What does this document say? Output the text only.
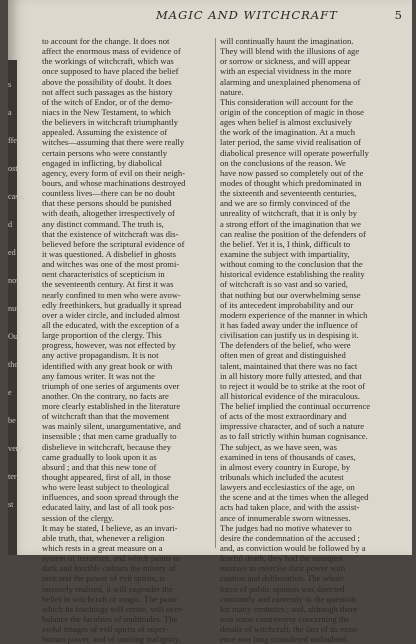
s
a
ffer
ost
case,
d
ed
not
nut
Out
the
e
be
very
ter
st
MAGIC AND WITCHCRAFT	5
to account for the change. It does not
affect the enormous mass of evidence of
the workings of witchcraft, which was
once supposed to have placed the belief
above the possibility of doubt. It does
not affect such passages as the history
of the witch of Endor, or of the demo-
niacs in the New Testament, to which
the believers in witchcraft triumphantly
appealed. Assuming the existence of
witches—assuming that there were really
certain persons who were constantly
engaged in inflicting, by diabolical
agency, every form of evil on their neigh-
bours, and whose machinations destroyed
countless lives—there can be no doubt
that these persons should be punished
with death, altogether irrespectively of
any distinct command. The truth is,
that the existence of witchcraft was dis-
believed before the scriptural evidence of
it was questioned. A disbelief in ghosts
and witches was one of the most promi-
nent characteristics of scepticism in
the seventeenth century. At first it was
nearly confined to men who were avow-
edly freethinkers, but gradually it spread
over a wider circle, and included almost
all the educated, with the exception of a
large proportion of the clergy. This
progress, however, was not effected by
any active propagandism. It is not
identified with any great book or with
any famous writer. It was not the
triumph of one series of arguments over
another. On the contrary, no facts are
more clearly established in the literature
of witchcraft than that the movement
was mainly silent, unargumentative, and
insensible ; that men came gradually to
disbelieve in witchcraft, because they
came gradually to look upon it as
absurd ; and that this new tone of
thought appeared, first of all, in those
who were least subject to theological
influences, and soon spread through the
educated laity, and last of all took pos-
session of the clergy.
It may be stated, I believe, as an invari-
able truth, that, whenever a religion
which rests in a great measure on a
system of terrorism, and which paints in
dark and forcible colours the misery of
men and the power of evil spirits, is
intensely realised, it will engender the
belief in witchcraft or magic. The panic
which its teachings will create, will over-
balance the faculties of multitudes. The
awful images of evil spirits of super-
human power, and of untiring malignity,
will continually haunt the imagination.
They will blend with the illusions of age
or sorrow or sickness, and will appear
with an especial vividness in the more
alarming and unexplained phenomena of
nature.
This consideration will account for the
origin of the conception of magic in those
ages when belief is almost exclusively
the work of the imagination. At a much
later period, the same vivid realisation of
diabolical presence will operate powerfully
on the conclusions of the reason. We
have now passed so completely out of the
modes of thought which predominated in
the sixteenth and seventeenth centuries,
and we are so firmly convinced of the
unreality of witchcraft, that it is only by
a strong effort of the imagination that we
can realise the position of the defenders of
the belief. Yet it is, I think, difficult to
examine the subject with impartiality,
without coming to the conclusion that the
historical evidence establishing the reality
of witchcraft is so vast and so varied,
that nothing but our overwhelming sense
of its antecedent improbability and our
modern experience of the manner in which
it has faded away under the influence of
civilisation can justify us in despising it.
The defenders of the belief, who were
often men of great and distinguished
talent, maintained that there was no fact
in all history more fully attested, and that
to reject it would be to strike at the root of
all historical evidence of the miraculous.
The belief implied the continual occurrence
of acts of the most extraordinary and
impressive character, and of such a nature
as to fall strictly within human cognisance.
The subject, as we have seen, was
examined in tens of thousands of cases,
in almost every country in Europe, by
tribunals which included the acutest
lawyers and ecclesiastics of the age, on
the scene and at the times when the alleged
acts had taken place, and with the assist-
ance of innumerable sworn witnesses.
The judges had no motive whatever to
desire the condemnation of the accused ;
and, as conviction would be followed by a
fearful death, they had the strongest
motives to exercise their power with
caution and deliberation. The whole
force of public opinion was directed
constantly and earnestly to the question
for many centuries ; and, although there
was some controversy concerning the
details of witchcraft, the fact of its exist-
ence was long considered undoubted.
